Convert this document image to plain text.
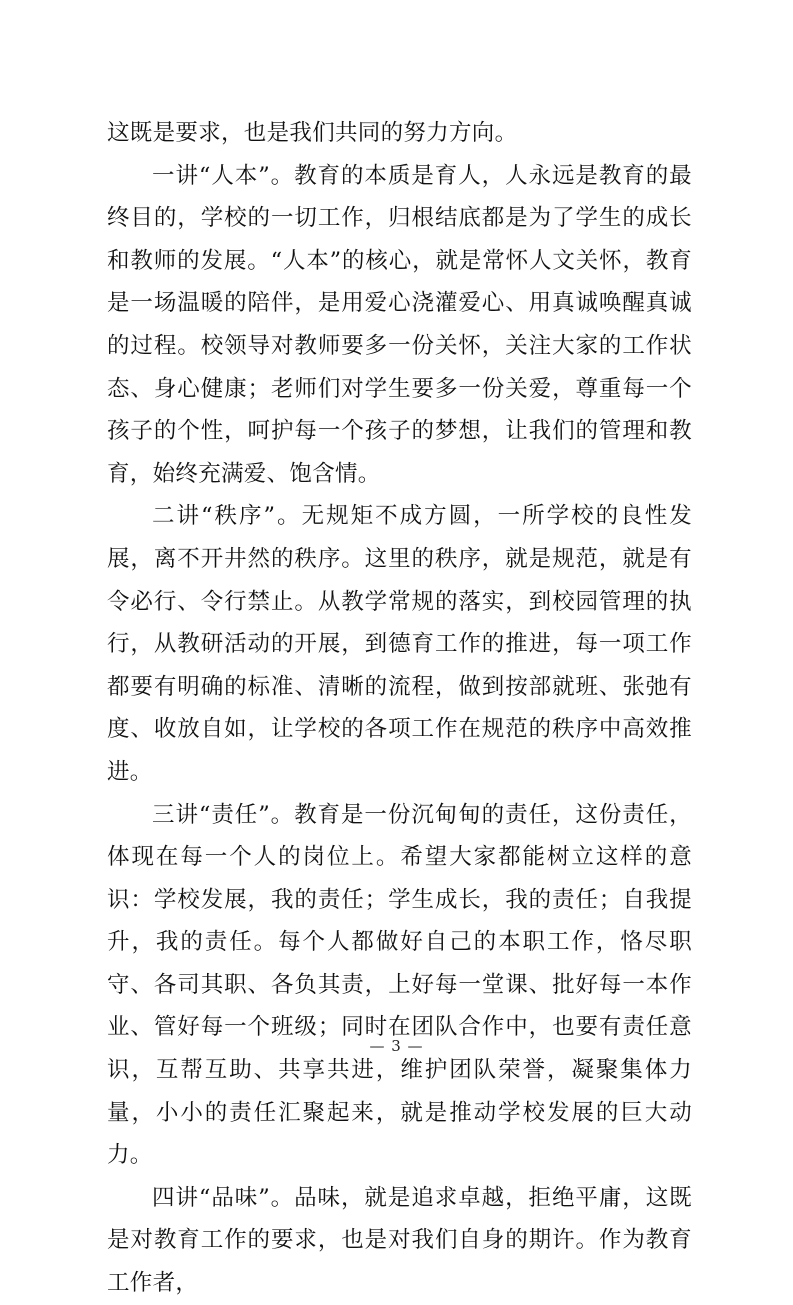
这既是要求，也是我们共同的努力方向。

一讲“人本”。教育的本质是育人，人永远是教育的最终目的，学校的一切工作，归根结底都是为了学生的成长和教师的发展。“人本”的核心，就是常怀人文关怀，教育是一场温暖的陪伴，是用爱心浇灌爱心、用真诚唤醒真诚的过程。校领导对教师要多一份关怀，关注大家的工作状态、身心健康；老师们对学生要多一份关爱，尊重每一个孩子的个性，呵护每一个孩子的梦想，让我们的管理和教育，始终充满爱、饱含情。

二讲“秩序”。无规矩不成方圆，一所学校的良性发展，离不开井然的秩序。这里的秩序，就是规范，就是有令必行、令行禁止。从教学常规的落实，到校园管理的执行，从教研活动的开展，到德育工作的推进，每一项工作都要有明确的标准、清晰的流程，做到按部就班、张弛有度、收放自如，让学校的各项工作在规范的秩序中高效推进。

三讲“责任”。教育是一份沉甸甸的责任，这份责任，体现在每一个人的岗位上。希望大家都能树立这样的意识：学校发展，我的责任；学生成长，我的责任；自我提升，我的责任。每个人都做好自己的本职工作，恪尽职守、各司其职、各负其责，上好每一堂课、批好每一本作业、管好每一个班级；同时在团队合作中，也要有责任意识，互帮互助、共享共进，维护团队荣誉，凝聚集体力量，小小的责任汇聚起来，就是推动学校发展的巨大动力。

四讲“品味”。品味，就是追求卓越，拒绝平庸，这既是对教育工作的要求，也是对我们自身的期许。作为教育工作者，

— 3 —
